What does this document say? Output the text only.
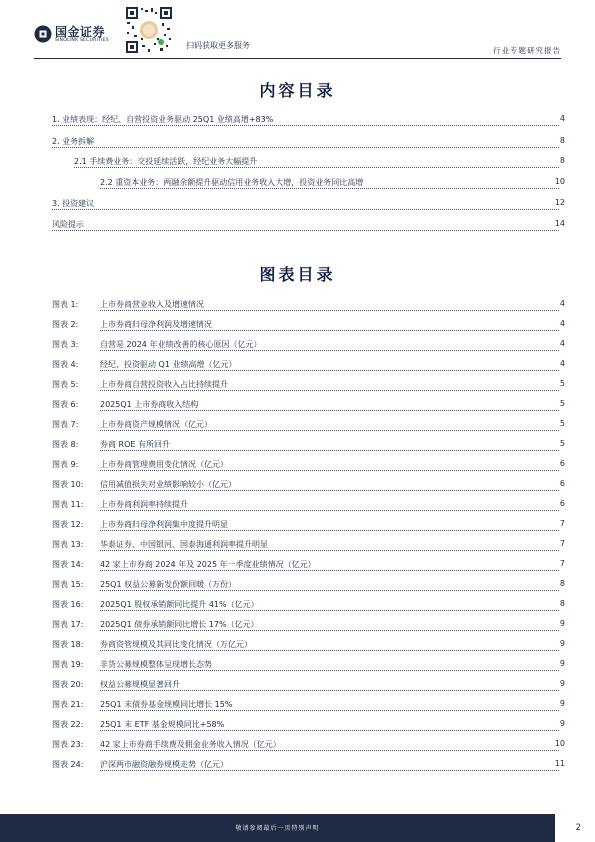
国金证券
SINOLINK SECURITIES
扫码获取更多服务
行业专题研究报告
内容目录
1. 业绩表现：经纪、自营投资业务驱动 25Q1 业绩高增+83%	4
2. 业务拆解	8
2.1 手续费业务：交投延续活跃，经纪业务大幅提升	8
2.2 重资本业务：两融余额提升驱动信用业务收入大增，投资业务同比高增	10
3. 投资建议	12
风险提示	14
图表目录
图表 1:	上市券商营业收入及增速情况	4
图表 2:	上市券商归母净利润及增速情况	4
图表 3:	自营是 2024 年业绩改善的核心原因（亿元）	4
图表 4:	经纪、投资驱动 Q1 业绩高增（亿元）	4
图表 5:	上市券商自营投资收入占比持续提升	5
图表 6:	2025Q1 上市券商收入结构	5
图表 7:	上市券商资产规模情况（亿元）	5
图表 8:	券商 ROE 有所回升	5
图表 9:	上市券商管理费用变化情况（亿元）	6
图表 10: 信用减值损失对业绩影响较小（亿元）	6
图表 11: 上市券商利润率持续提升	6
图表 12: 上市券商归母净利润集中度提升明显	7
图表 13: 华泰证券、中国银河、国泰海通利润率提升明显	7
图表 14: 42 家上市券商 2024 年及 2025 年一季度业绩情况（亿元）	7
图表 15: 25Q1 权益公募新发份额回暖（万份）	8
图表 16: 2025Q1 股权承销额同比提升 41%（亿元）	8
图表 17: 2025Q1 债券承销额同比增长 17%（亿元）	9
图表 18: 券商资管规模及其同比变化情况（万亿元）	9
图表 19: 非货公募规模整体呈现增长态势	9
图表 20: 权益公募规模显著回升	9
图表 21: 25Q1 末债券基金规模同比增长 15%	9
图表 22: 25Q1 末 ETF 基金规模同比+58%	9
图表 23: 42 家上市券商手续费及佣金业务收入情况（亿元）	10
图表 24: 沪深两市融资融券规模走势（亿元）	11
敬请参阅最后一页特别声明	2
